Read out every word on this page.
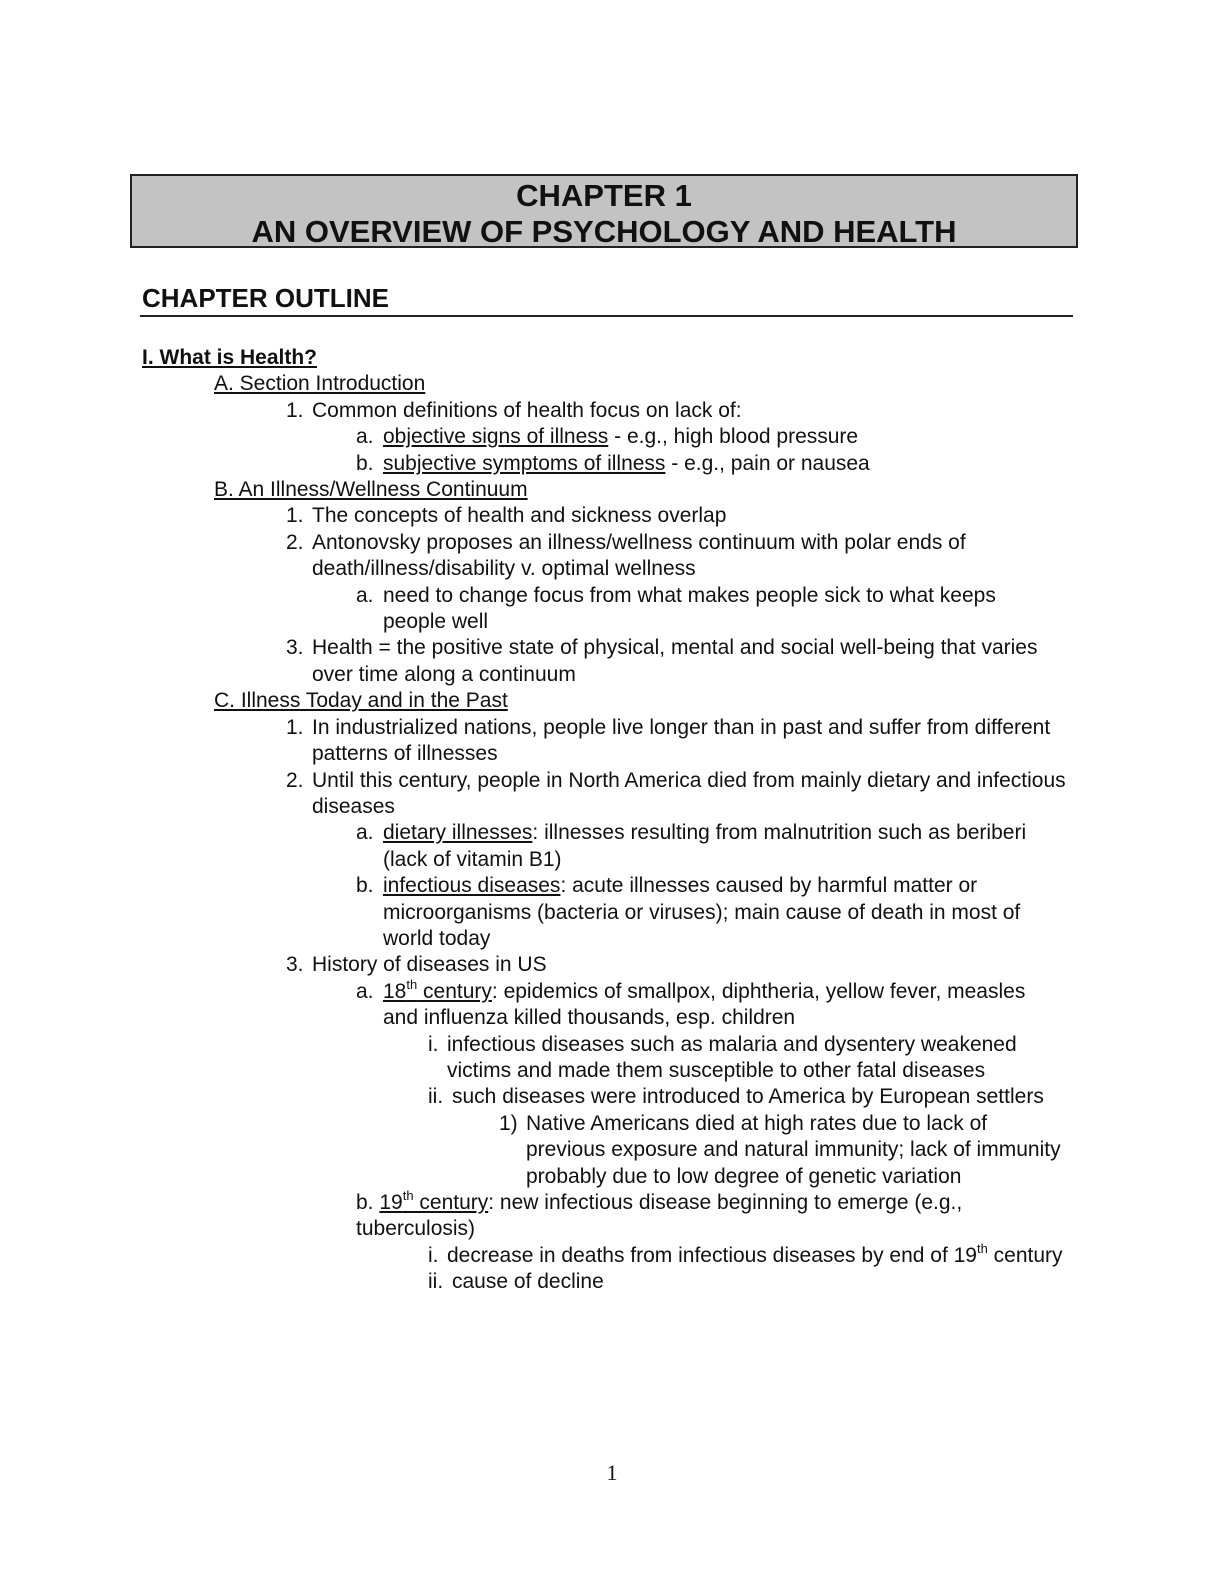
CHAPTER 1
AN OVERVIEW OF PSYCHOLOGY AND HEALTH
CHAPTER OUTLINE
I. What is Health?
A. Section Introduction
1. Common definitions of health focus on lack of:
a. objective signs of illness - e.g., high blood pressure
b. subjective symptoms of illness - e.g., pain or nausea
B. An Illness/Wellness Continuum
1. The concepts of health and sickness overlap
2. Antonovsky proposes an illness/wellness continuum with polar ends of death/illness/disability v. optimal wellness
a. need to change focus from what makes people sick to what keeps people well
3. Health = the positive state of physical, mental and social well-being that varies over time along a continuum
C. Illness Today and in the Past
1. In industrialized nations, people live longer than in past and suffer from different patterns of illnesses
2. Until this century, people in North America died from mainly dietary and infectious diseases
a. dietary illnesses: illnesses resulting from malnutrition such as beriberi (lack of vitamin B1)
b. infectious diseases: acute illnesses caused by harmful matter or microorganisms (bacteria or viruses); main cause of death in most of world today
3. History of diseases in US
a. 18th century: epidemics of smallpox, diphtheria, yellow fever, measles and influenza killed thousands, esp. children
i. infectious diseases such as malaria and dysentery weakened victims and made them susceptible to other fatal diseases
ii. such diseases were introduced to America by European settlers
1) Native Americans died at high rates due to lack of previous exposure and natural immunity; lack of immunity probably due to low degree of genetic variation
b. 19th century: new infectious disease beginning to emerge (e.g., tuberculosis)
i. decrease in deaths from infectious diseases by end of 19th century
ii. cause of decline
1
